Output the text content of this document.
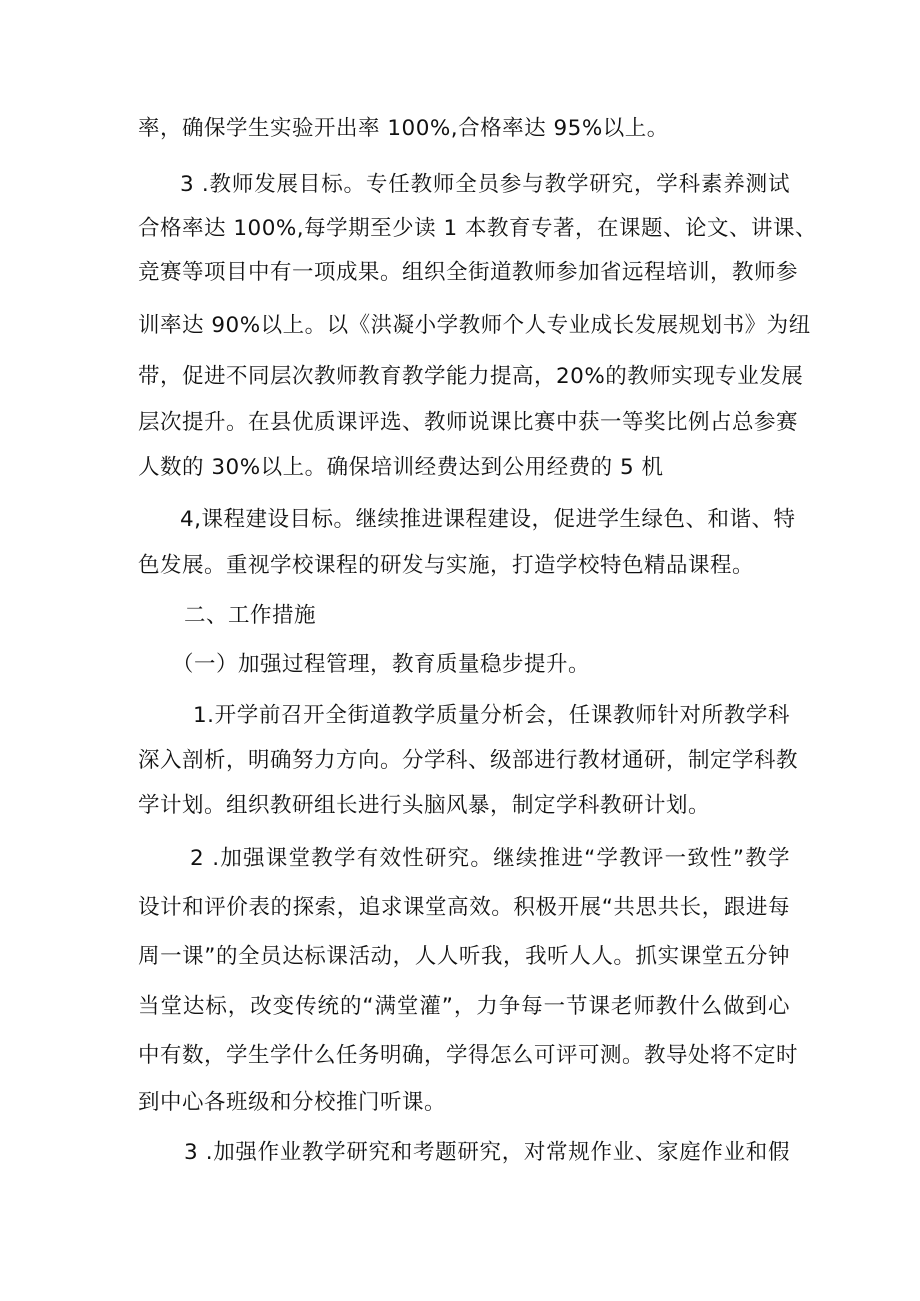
率，确保学生实验开出率 100%,合格率达 95%以上。
3 .教师发展目标。专任教师全员参与教学研究，学科素养测试
合格率达 100%,每学期至少读 1 本教育专著，在课题、论文、讲课、
竞赛等项目中有一项成果。组织全街道教师参加省远程培训，教师参
训率达 90%以上。以《洪凝小学教师个人专业成长发展规划书》为纽
带，促进不同层次教师教育教学能力提高，20%的教师实现专业发展
层次提升。在县优质课评选、教师说课比赛中获一等奖比例占总参赛
人数的 30%以上。确保培训经费达到公用经费的 5 机
4,课程建设目标。继续推进课程建设，促进学生绿色、和谐、特
色发展。重视学校课程的研发与实施，打造学校特色精品课程。
二、工作措施
（一）加强过程管理，教育质量稳步提升。
1.开学前召开全街道教学质量分析会，任课教师针对所教学科
深入剖析，明确努力方向。分学科、级部进行教材通研，制定学科教
学计划。组织教研组长进行头脑风暴，制定学科教研计划。
2 .加强课堂教学有效性研究。继续推进“学教评一致性”教学
设计和评价表的探索，追求课堂高效。积极开展“共思共长，跟进每
周一课”的全员达标课活动，人人听我，我听人人。抓实课堂五分钟
当堂达标，改变传统的“满堂灌”，力争每一节课老师教什么做到心
中有数，学生学什么任务明确，学得怎么可评可测。教导处将不定时
到中心各班级和分校推门听课。
3 .加强作业教学研究和考题研究，对常规作业、家庭作业和假
